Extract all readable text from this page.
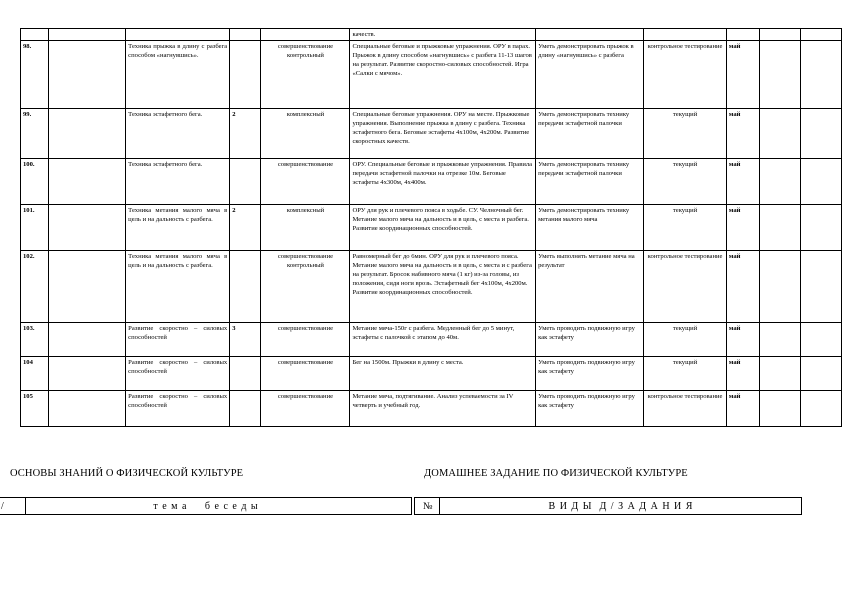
					качеств.					
98.		Техника прыжка в длину с разбега способом «нагнувшись».		совершенствование контрольный	Специальные беговые и прыжковые упражнения. ОРУ в парах. Прыжок в длину способом «нагнувшись» с разбега 11-13 шагов на результат. Развитие скоростно-силовых способностей. Игра «Салки с мячом».	Уметь демонстрировать прыжок в длину «нагнувшись» с разбега	контрольное тестирование	май		
99.		Техника эстафетного бега.	2	комплексный	Специальные беговые упражнения. ОРУ на месте. Прыжковые упражнения. Выполнение прыжка в длину с разбега. Техника эстафетного бега. Беговые эстафеты 4х100м, 4х200м. Развитие скоростных качеств.	Уметь демонстрировать технику передачи эстафетной палочки	текущий	май		
100.		Техника эстафетного бега.		совершенствование	ОРУ. Специальные беговые и прыжковые упражнения. Правила передачи эстафетной палочки на отрезке 10м. Беговые эстафеты 4х300м, 4х400м.	Уметь демонстрировать технику передачи эстафетной палочки	текущий	май		
101.		Техника метания малого мяча в цель и на дальность с разбега.	2	комплексный	ОРУ для рук и плечевого пояса в ходьбе. СУ. Челночный бег. Метание малого мяча на дальность и в цель, с места и разбега. Развитие координационных способностей.	Уметь демонстрировать технику метания малого мяча	текущий	май		
102.		Техника метания малого мяча в цель и на дальность с разбега.		совершенствование контрольный	Равномерный бег до 6мин. ОРУ для рук и плечевого пояса. Метание малого мяча на дальность и в цель, с места и с разбега на результат. Бросок набивного мяча (1 кг) из-за головы, из положения, сидя ноги врозь. Эстафетный бег 4х100м, 4х200м. Развитие координационных способностей.	Уметь выполнять метание мяча на результат	контрольное тестирование	май		
103.		Развитие скоростно – силовых способностей	3	совершенствование	Метание мяча-150г с разбега. Медленный бег до 5 минут, эстафеты с палочкой с этапом до 40м.	Уметь проводить подвижную игру как эстафету	текущий	май		
104		Развитие скоростно – силовых способностей		совершенствование	Бег на 1500м. Прыжки в длину с места.	Уметь проводить подвижную игру как эстафету	текущий	май		
105		Развитие скоростно – силовых способностей		совершенствование	Метание мяча, подтягивание. Анализ успеваемости за IV четверть и учебный год.	Уметь проводить подвижную игру как эстафету	контрольное тестирование	май		
ОСНОВЫ ЗНАНИЙ О ФИЗИЧЕСКОЙ КУЛЬТУРЕ	ДОМАШНЕЕ ЗАДАНИЕ ПО ФИЗИЧЕСКОЙ КУЛЬТУРЕ
/	т е м а     б е с е д ы	№	В И Д Ы  Д / З А Д А Н И Я
